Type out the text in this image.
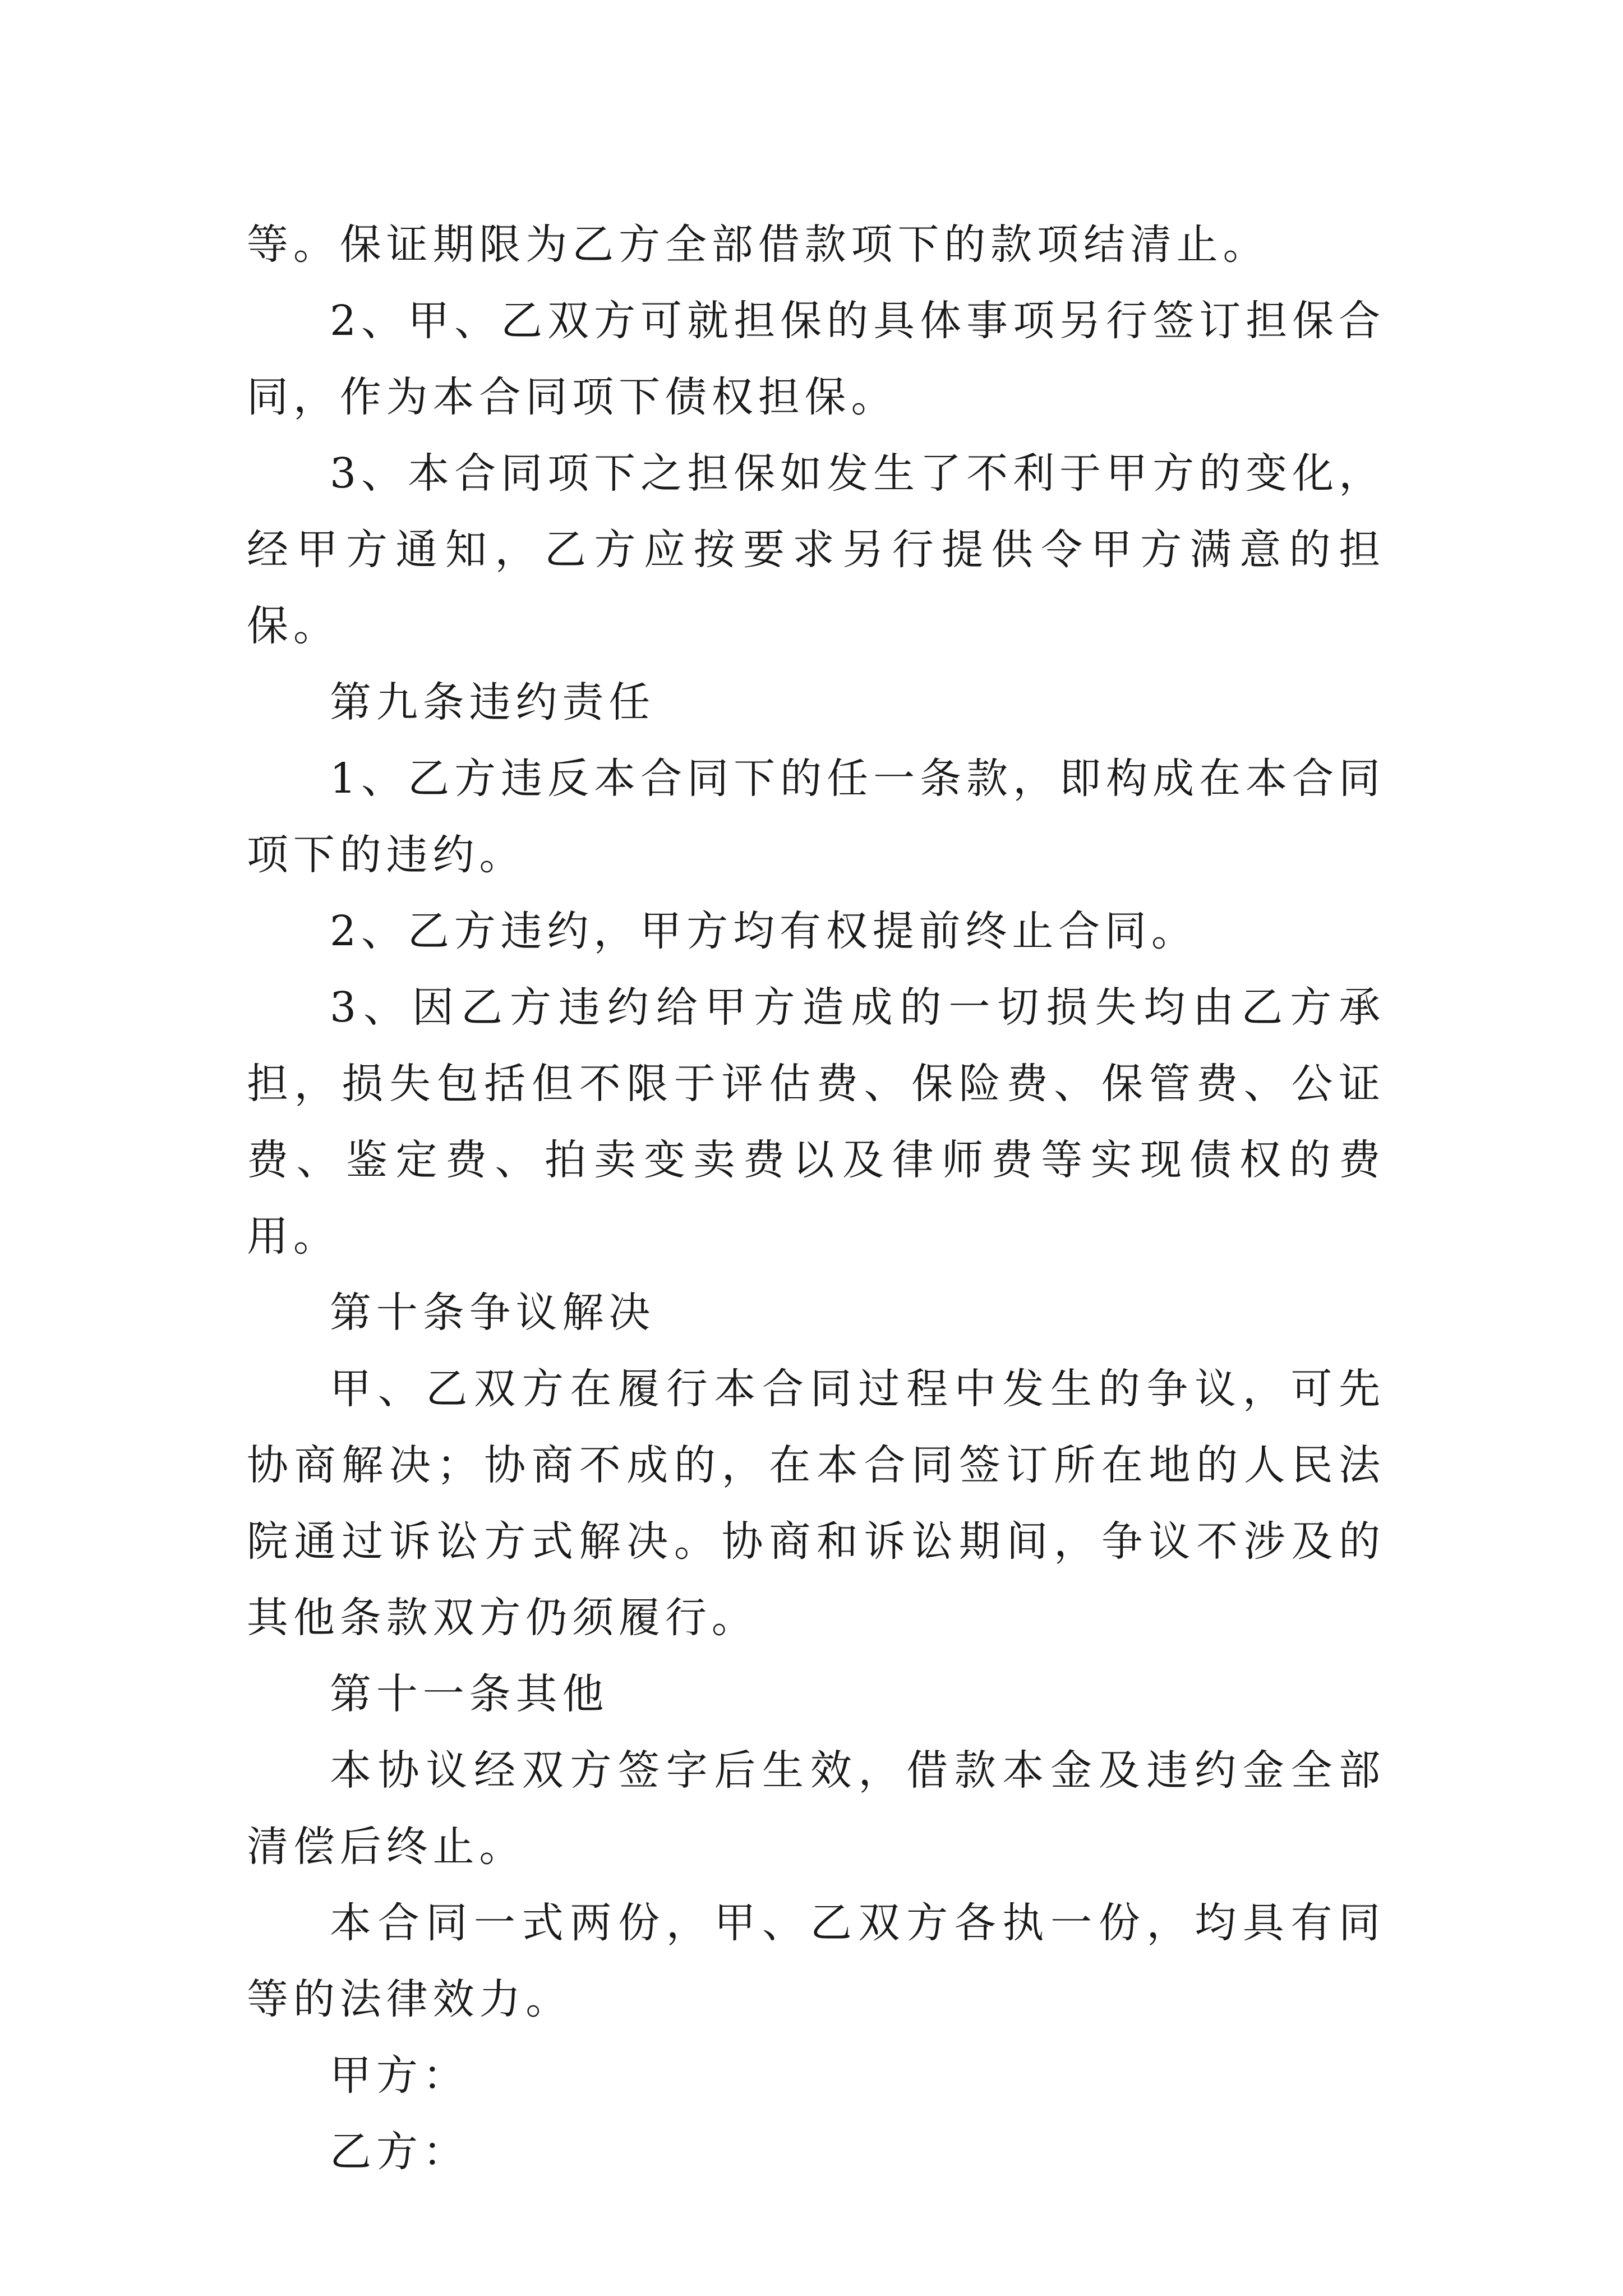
等。保证期限为乙方全部借款项下的款项结清止。

2、甲、乙双方可就担保的具体事项另行签订担保合同，作为本合同项下债权担保。

3、本合同项下之担保如发生了不利于甲方的变化，经甲方通知，乙方应按要求另行提供令甲方满意的担保。

第九条违约责任

1、乙方违反本合同下的任一条款，即构成在本合同项下的违约。

2、乙方违约，甲方均有权提前终止合同。

3、因乙方违约给甲方造成的一切损失均由乙方承担，损失包括但不限于评估费、保险费、保管费、公证费、鉴定费、拍卖变卖费以及律师费等实现债权的费用。

第十条争议解决

甲、乙双方在履行本合同过程中发生的争议，可先协商解决；协商不成的，在本合同签订所在地的人民法院通过诉讼方式解决。协商和诉讼期间，争议不涉及的其他条款双方仍须履行。

第十一条其他

本协议经双方签字后生效，借款本金及违约金全部清偿后终止。

本合同一式两份，甲、乙双方各执一份，均具有同等的法律效力。

甲方：

乙方：
